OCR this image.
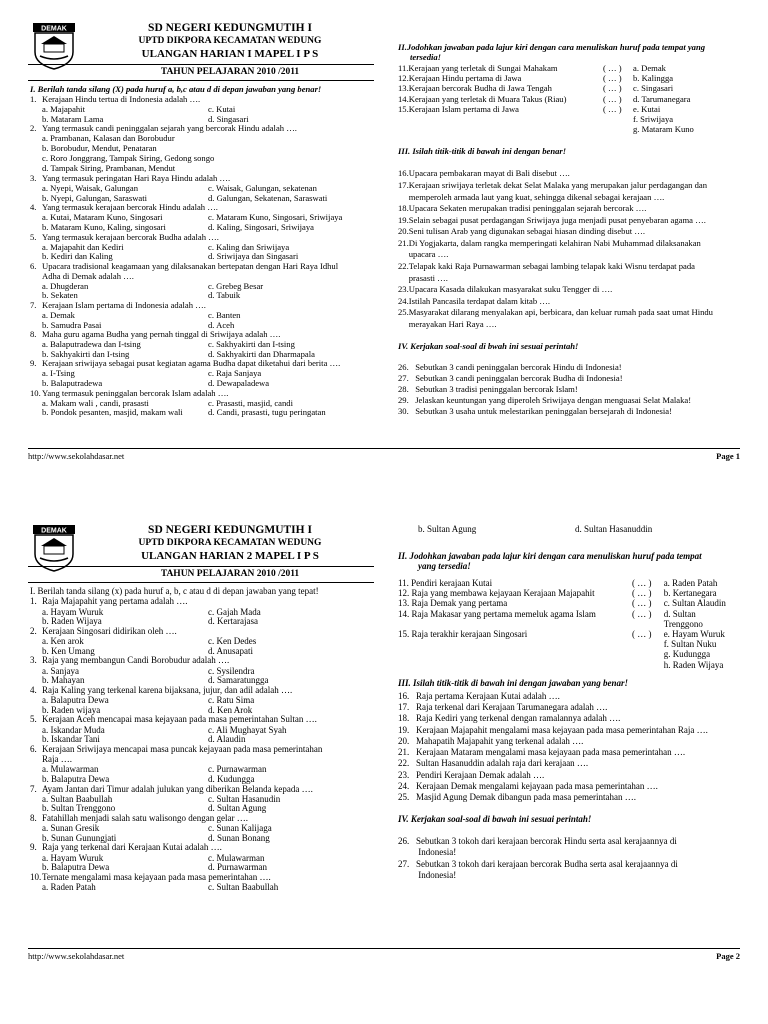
DEMAK	SD NEGERI KEDUNGMUTIH I
UPTD DIKPORA KECAMATAN WEDUNG
ULANGAN HARIAN I MAPEL I P S
TAHUN PELAJARAN 2010 /2011
I. Berilah tanda silang (X) pada huruf a, b,c atau d di depan jawaban yang benar!
1. Kerajaan Hindu tertua di Indonesia adalah ….
a. Majapahit	c. Kutai
b. Mataram Lama	d. Singasari
2. Yang termasuk candi peninggalan sejarah yang bercorak Hindu adalah ….
a. Prambanan, Kalasan dan Borobudur
b. Borobudur, Mendut, Penataran
c. Roro Jonggrang, Tampak Siring, Gedong songo
d. Tampak Siring, Prambanan, Mendut
3. Yang termasuk peringatan Hari Raya Hindu adalah ….
a. Nyepi, Waisak, Galungan	c. Waisak, Galungan, sekatenan
b. Nyepi, Galungan, Saraswati	d. Galungan, Sekatenan, Saraswati
4. Yang termasuk kerajaan bercorak Hindu adalah ….
a. Kutai, Mataram Kuno, Singosari	c. Mataram Kuno, Singosari, Sriwijaya
b. Mataram Kuno, Kaling, singosari	d. Kaling, Singosari, Sriwijaya
5. Yang termasuk kerajaan bercorak Budha adalah ….
a. Majapahit dan Kediri	c. Kaling dan Sriwijaya
b. Kediri dan Kaling	d. Sriwijaya dan Singasari
6. Upacara tradisional keagamaan yang dilaksanakan bertepatan dengan Hari Raya Idhul
Adha di Demak adalah ….
a. Dhugderan	c. Grebeg Besar
b. Sekaten	d. Tabuik
7. Kerajaan Islam pertama di Indonesia adalah ….
a. Demak	c. Banten
b. Samudra Pasai	d. Aceh
8. Maha guru agama Budha yang pernah tinggal di Sriwijaya adalah ….
a. Balaputradewa dan I-tsing	c. Sakhyakirti dan I-tsing
b. Sakhyakirti dan I-tsing	d. Sakhyakirti dan Dharmapala
9. Kerajaan sriwijaya sebagai pusat kegiatan agama Budha dapat diketahui dari berita ….
a. I-Tsing	c. Raja Sanjaya
b. Balaputradewa	d. Dewapaladewa
10.Yang termasuk peninggalan bercorak Islam adalah ….
a. Makam wali , candi, prasasti	c. Prasasti, masjid, candi
b. Pondok pesanten, masjid, makam wali	d. Candi, prasasti, tugu peringatan
II.Jodohkan jawaban pada lajur kiri dengan cara menuliskan huruf pada tempat yang
tersedia!
11.Kerajaan yang terletak di Sungai Mahakam	( … )	a. Demak
12.Kerajaan Hindu pertama di Jawa	( … )	b. Kalingga
13.Kerajaan bercorak Budha di Jawa Tengah	( … )	c. Singasari
14.Kerajaan yang terletak di Muara Takus (Riau)	( … )	d. Tarumanegara
15.Kerajaan Islam pertama di Jawa	( … )	e. Kutai
f. Sriwijaya
g. Mataram Kuno
III. Isilah titik-titik di bawah ini dengan benar!
16.Upacara pembakaran mayat di Bali disebut ….
17.Kerajaan sriwijaya terletak dekat Selat Malaka yang merupakan jalur perdagangan dan
memperoleh armada laut yang kuat, sehingga dikenal sebagai kerajaan ….
18.Upacara Sekaten merupakan tradisi peninggalan sejarah bercorak ….
19.Selain sebagai pusat perdagangan Sriwijaya juga menjadi pusat penyebaran agama ….
20.Seni tulisan Arab yang digunakan sebagai hiasan dinding disebut ….
21.Di Yogjakarta, dalam rangka memperingati kelahiran Nabi Muhammad dilaksanakan
upacara ….
22.Telapak kaki Raja Purnawarman sebagai lambing telapak kaki Wisnu terdapat pada
prasasti ….
23.Upacara Kasada dilakukan masyarakat suku Tengger di ….
24.Istilah Pancasila terdapat dalam kitab ….
25.Masyarakat dilarang menyalakan api, berbicara, dan keluar rumah pada saat umat Hindu
merayakan Hari Raya ….
IV. Kerjakan soal-soal di bwah ini sesuai perintah!
26.   Sebutkan 3 candi peninggalan bercorak Hindu di Indonesia!
27.   Sebutkan 3 candi peninggalan bercorak Budha di Indonesia!
28.   Sebutkan 3 tradisi peninggalan bercorak Islam!
29.   Jelaskan keuntungan yang diperoleh Sriwijaya dengan menguasai Selat Malaka!
30.   Sebutkan 3 usaha untuk melestarikan peninggalan bersejarah di Indonesia!
http://www.sekolahdasar.net	Page 1
DEMAK	SD NEGERI KEDUNGMUTIH I
UPTD DIKPORA KECAMATAN WEDUNG
ULANGAN HARIAN 2 MAPEL I P S
TAHUN PELAJARAN 2010 /2011
I. Berilah tanda silang (x) pada huruf a, b, c atau d di depan jawaban yang tepat!
1. Raja Majapahit yang pertama adalah ….
a. Hayam Wuruk	c. Gajah Mada
b. Raden Wijaya	d. Kertarajasa
2. Kerajaan Singosari didirikan oleh ….
a. Ken arok	c. Ken Dedes
b. Ken Umang	d. Anusapati
3. Raja yang membangun Candi Borobudur adalah ….
a. Sanjaya	c. Sysilendra
b. Mahayan	d. Samaratungga
4. Raja Kaling yang terkenal karena bijaksana, jujur, dan adil adalah ….
a. Balaputra Dewa	c. Ratu Sima
b. Raden wijaya	d. Ken Arok
5. Kerajaan Aceh mencapai masa kejayaan pada masa pemerintahan Sultan ….
a. Iskandar Muda	c. Ali Mughayat Syah
b. Iskandar Tani	d. Alaudin
6. Kerajaan Sriwijaya mencapai masa puncak kejayaan pada masa pemerintahan
Raja ….
a. Mulawarman	c. Purnawarman
b. Balaputra Dewa	d. Kudungga
7. Ayam Jantan dari Timur adalah julukan yang diberikan Belanda kepada ….
a. Sultan Baabullah	c. Sultan Hasanudin
b. Sultan Trenggono	d. Sultan Agung
8. Fatahillah menjadi salah satu walisongo dengan gelar ….
a. Sunan Gresik	c. Sunan Kalijaga
b. Sunan Gunungjati	d. Sunan Bonang
9. Raja yang terkenal dari Kerajaan Kutai adalah ….
a. Hayam Wuruk	c. Mulawarman
b. Balaputra Dewa	d. Purnawarman
10.Ternate mengalami masa kejayaan pada masa pemerintahan ….
a. Raden Patah	c. Sultan Baabullah
b. Sultan Agung	d. Sultan Hasanuddin
II. Jodohkan jawaban pada lajur kiri dengan cara menuliskan huruf pada tempat
yang tersedia!
11. Pendiri kerajaan Kutai	( … )	a. Raden Patah
12. Raja yang membawa kejayaan Kerajaan Majapahit	( … )	b. Kertanegara
13. Raja Demak yang pertama	( … )	c. Sultan Alaudin
14. Raja Makasar yang pertama memeluk agama Islam	( … )	d. Sultan
Trenggono
15. Raja terakhir kerajaan Singosari	( … )	e. Hayam Wuruk
f. Sultan Nuku
g. Kudungga
h. Raden Wijaya
III. Isilah titik-titik di bawah ini dengan jawaban yang benar!
16.   Raja pertama Kerajaan Kutai adalah ….
17.   Raja terkenal dari Kerajaan Tarumanegara adalah ….
18.   Raja Kediri yang terkenal dengan ramalannya adalah ….
19.   Kerajaan Majapahit mengalami masa kejayaan pada masa pemerintahan Raja ….
20.   Mahapatih Majapahit yang terkenal adalah ….
21.   Kerajaan Mataram mengalami masa kejayaan pada masa pemerintahan ….
22.   Sultan Hasanuddin adalah raja dari kerajaan ….
23.   Pendiri Kerajaan Demak adalah ….
24.   Kerajaan Demak mengalami kejayaan pada masa pemerintahan ….
25.   Masjid Agung Demak dibangun pada masa pemerintahan ….
IV. Kerjakan soal-soal di bawah ini sesuai perintah!
26.   Sebutkan 3 tokoh dari kerajaan bercorak Hindu serta asal kerajaannya di
Indonesia!
27.   Sebutkan 3 tokoh dari kerajaan bercorak Budha serta asal kerajaannya di
Indonesia!
http://www.sekolahdasar.net	Page 2
